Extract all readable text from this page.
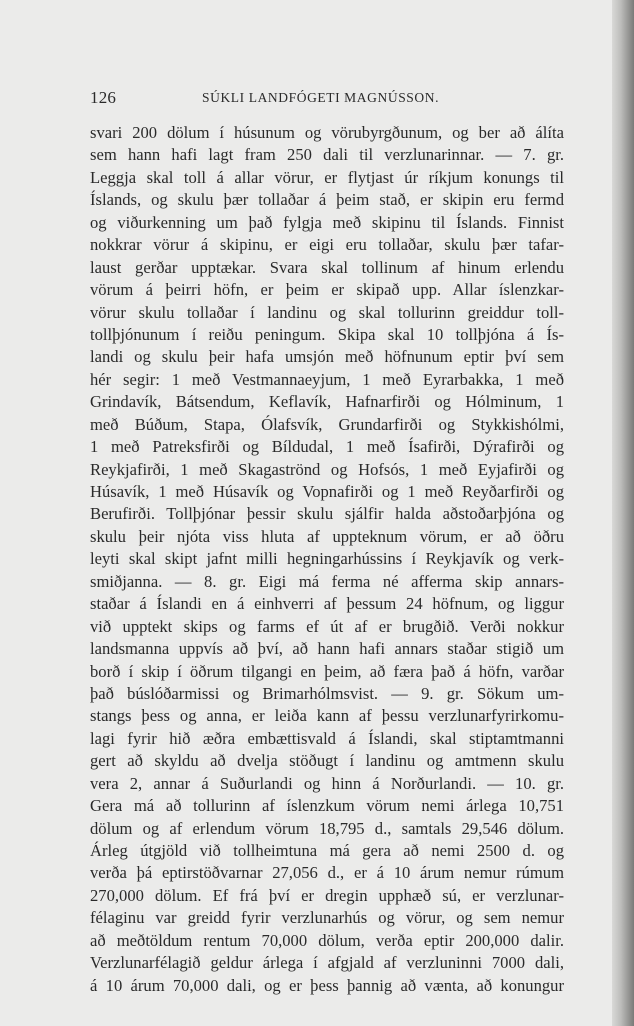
126	SÚKLI LANDFÓGETI MAGNÚSSON.
svari 200 dölum í húsunum og vörubyrgðunum, og ber að álíta
sem hann hafi lagt fram 250 dali til verzlunarinnar. — 7. gr.
Leggja skal toll á allar vörur, er flytjast úr ríkjum konungs til
Íslands, og skulu þær tollaðar á þeim stað, er skipin eru fermd
og viðurkenning um það fylgja með skipinu til Íslands. Finnist
nokkrar vörur á skipinu, er eigi eru tollaðar, skulu þær tafar-
laust gerðar upptækar. Svara skal tollinum af hinum erlendu
vörum á þeirri höfn, er þeim er skipað upp. Allar íslenzkar-
vörur skulu tollaðar í landinu og skal tollurinn greiddur toll-
tollþjónunum í reiðu peningum. Skipa skal 10 tollþjóna á Ís-
landi og skulu þeir hafa umsjón með höfnunum eptir því sem
hér segir: 1 með Vestmannaeyjum, 1 með Eyrarbakka, 1 með
Grindavík, Bátsendum, Keflavík, Hafnarfirði og Hólminum, 1
með Búðum, Stapa, Ólafsvík, Grundarfirði og Stykkishólmi,
1 með Patreksfirði og Bíldudal, 1 með Ísafirði, Dýrafirði og
Reykjafirði, 1 með Skagaströnd og Hofsós, 1 með Eyjafirði og
Húsavík, 1 með Húsavík og Vopnafirði og 1 með Reyðarfirði og
Berufirði. Tollþjónar þessir skulu sjálfir halda aðstoðarþjóna og
skulu þeir njóta viss hluta af uppteknum vörum, er að öðru
leyti skal skipt jafnt milli hegningarhússins í Reykjavík og verk-
smiðjanna. — 8. gr. Eigi má ferma né afferma skip annars-
staðar á Íslandi en á einhverri af þessum 24 höfnum, og liggur
við upptekt skips og farms ef út af er brugðið. Verði nokkur
landsmanna uppvís að því, að hann hafi annars staðar stigið um
borð í skip í öðrum tilgangi en þeim, að færa það á höfn, varðar
það búslóðarmissi og Brimarhólmsvist. — 9. gr. Sökum um-
stangs þess og anna, er leiða kann af þessu verzlunarfyrirkomu-
lagi fyrir hið æðra embættisvald á Íslandi, skal stiptamtmanni
gert að skyldu að dvelja stöðugt í landinu og amtmenn skulu
vera 2, annar á Suðurlandi og hinn á Norðurlandi. — 10. gr.
Gera má að tollurinn af íslenzkum vörum nemi árlega 10,751
dölum og af erlendum vörum 18,795 d., samtals 29,546 dölum.
Árleg útgjöld við tollheimtuna má gera að nemi 2500 d. og
verða þá eptirstöðvarnar 27,056 d., er á 10 árum nemur rúmum
270,000 dölum. Ef frá því er dregin upphæð sú, er verzlunar-
félaginu var greidd fyrir verzlunarhús og vörur, og sem nemur
að meðtöldum rentum 70,000 dölum, verða eptir 200,000 dalir.
Verzlunarfélagið geldur árlega í afgjald af verzluninni 7000 dali,
á 10 árum 70,000 dali, og er þess þannig að vænta, að konungur
